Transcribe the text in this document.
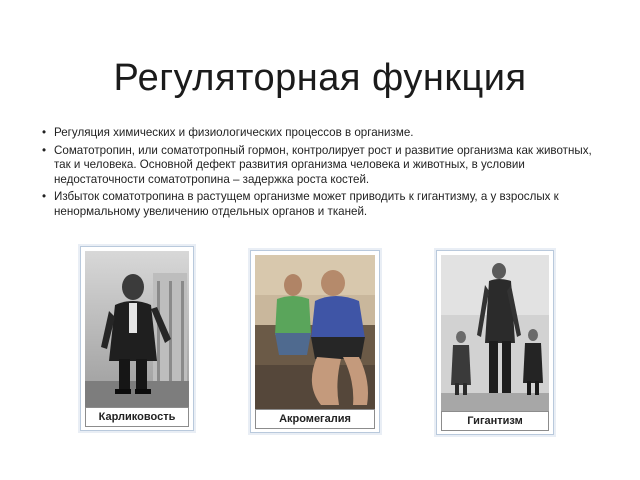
Регуляторная функция
• Регуляция химических и физиологических процессов в организме.
• Соматотропин, или соматотропный гормон, контролирует рост и развитие организма как животных, так и человека. Основной дефект развития организма человека и животных, в условии недостаточности соматотропина – задержка роста костей.
• Избыток соматотропина в растущем организме может приводить к гигантизму, а у взрослых к ненормальному увеличению отдельных органов и тканей.
Карликовость	Акромегалия	Гигантизм
